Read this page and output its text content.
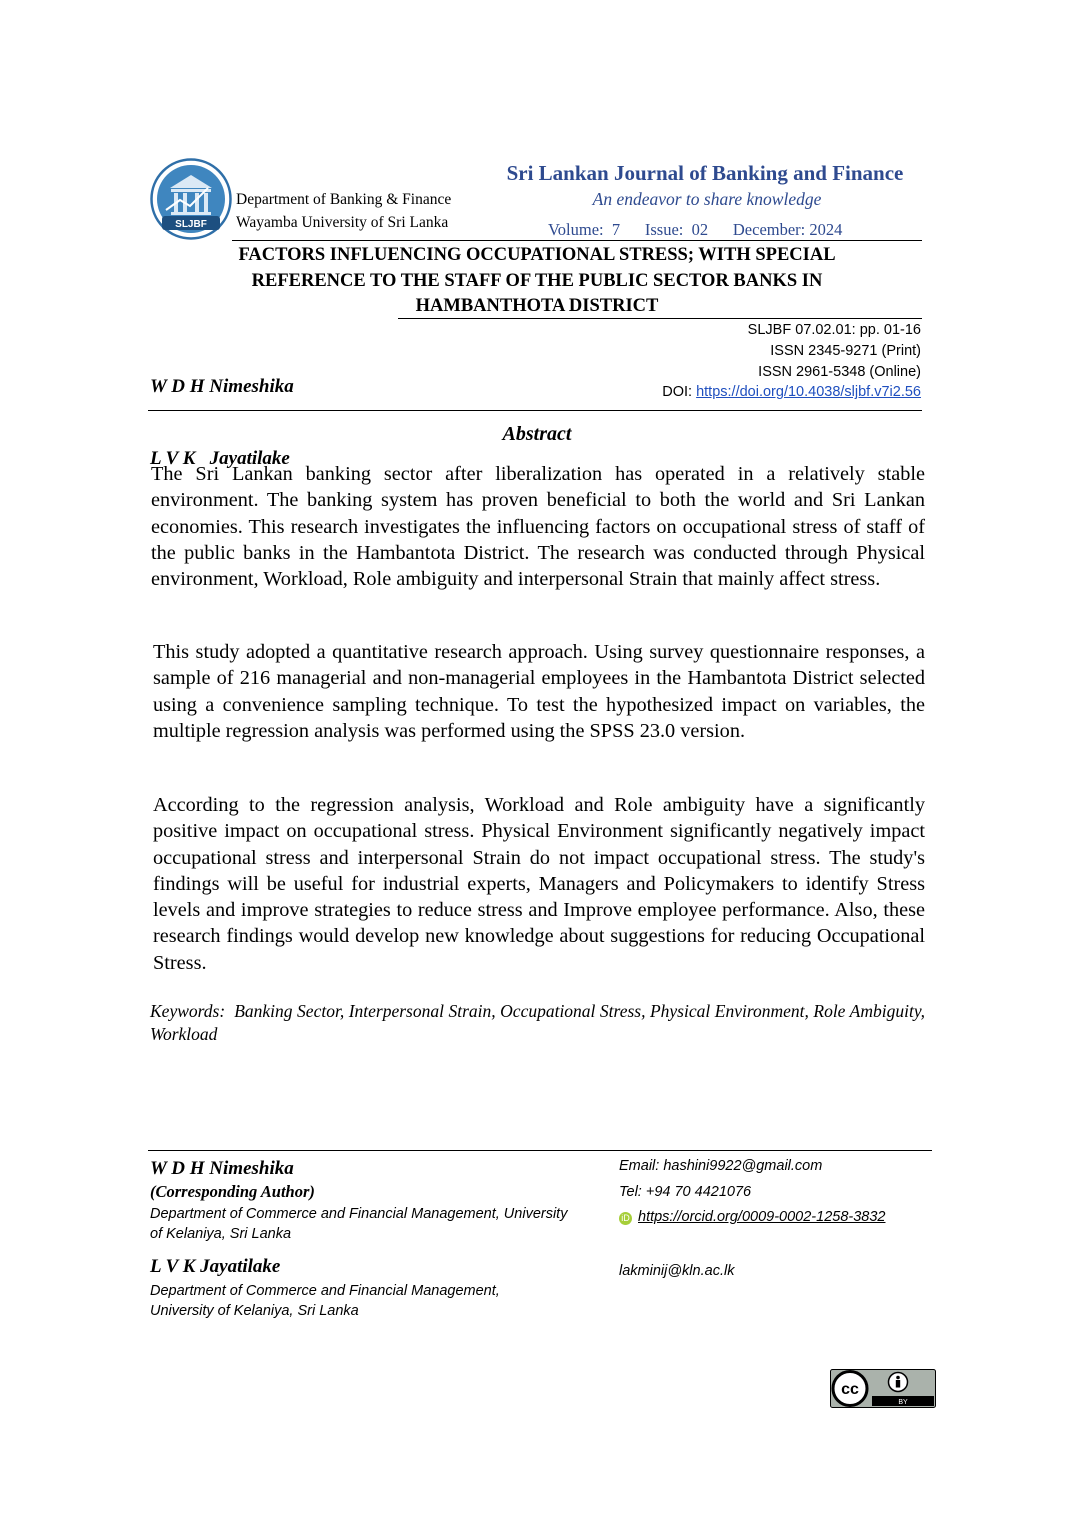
SLJBF
Department of Banking & Finance
Wayamba University of Sri Lanka
Sri Lankan Journal of Banking and Finance
An endeavor to share knowledge
Volume:  7 Issue:  02 December: 2024
FACTORS INFLUENCING OCCUPATIONAL STRESS; WITH SPECIAL
REFERENCE TO THE STAFF OF THE PUBLIC SECTOR BANKS IN
HAMBANTHOTA DISTRICT

W D H Nimeshika

L V K   Jayatilake

SLJBF 07.02.01: pp. 01-16
ISSN 2345-9271 (Print)
ISSN 2961-5348 (Online)
DOI: https://doi.org/10.4038/sljbf.v7i2.56
Abstract
The Sri Lankan banking sector after liberalization has operated in a relatively stable environment. The banking system has proven beneficial to both the world and Sri Lankan economies. This research investigates the influencing factors on occupational stress of staff of the public banks in the Hambantota District. The research was conducted through Physical environment, Workload, Role ambiguity and interpersonal Strain that mainly affect stress.
This study adopted a quantitative research approach. Using survey questionnaire responses, a sample of 216 managerial and non-managerial employees in the Hambantota District selected using a convenience sampling technique. To test the hypothesized impact on variables, the multiple regression analysis was performed using the SPSS 23.0 version.
According to the regression analysis, Workload and Role ambiguity have a significantly positive impact on occupational stress. Physical Environment significantly negatively impact occupational stress and interpersonal Strain do not impact occupational stress. The study's findings will be useful for industrial experts, Managers and Policymakers to identify Stress levels and improve strategies to reduce stress and Improve employee performance. Also, these research findings would develop new knowledge about suggestions for reducing Occupational Stress.
Keywords: Banking Sector, Interpersonal Strain, Occupational Stress, Physical Environment, Role Ambiguity, Workload
W D H Nimeshika
(Corresponding Author)
Department of Commerce and Financial Management, University
of Kelaniya, Sri Lanka
Email: hashini9922@gmail.com
Tel: +94 70 4421076
iD https://orcid.org/0009-0002-1258-3832
L V K Jayatilake
Department of Commerce and Financial Management,
University of Kelaniya, Sri Lanka
lakminij@kln.ac.lk
cc
BY
